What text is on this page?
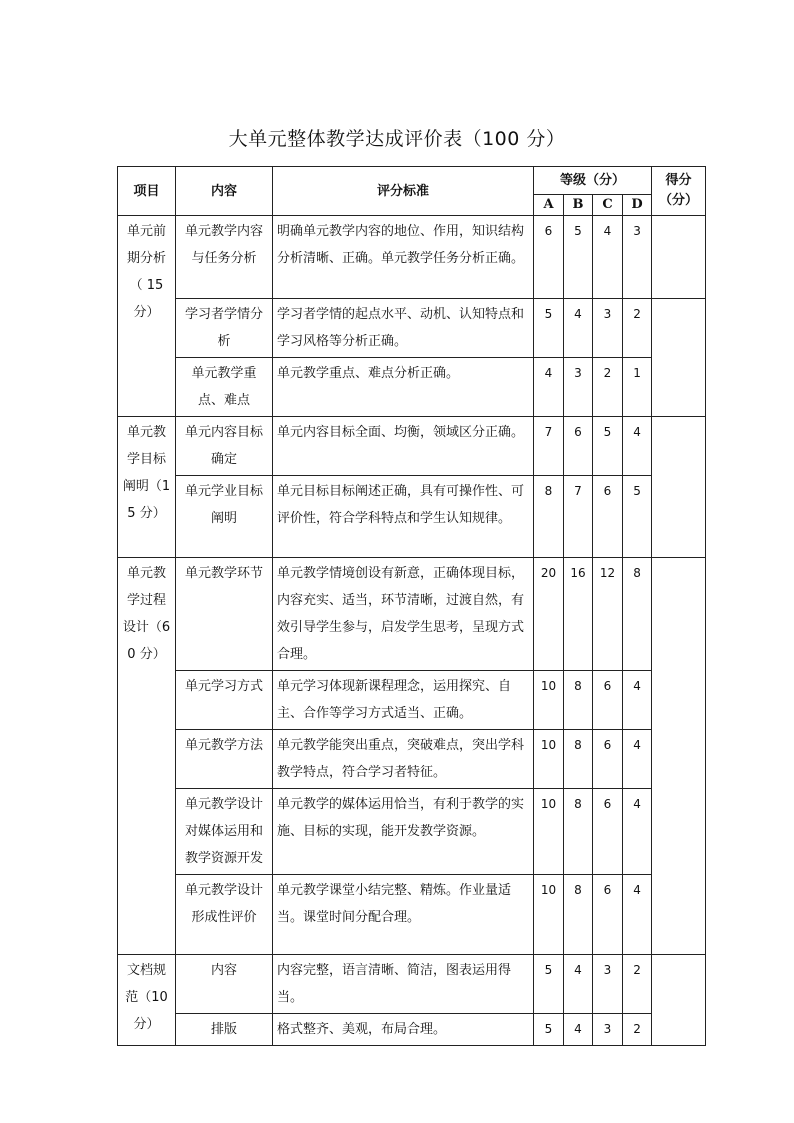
大单元整体教学达成评价表（100 分）
项目	内容	评分标准	等级（分）				得分（分）
			A	B	C	D	
单元前期分析（ 15 分）	单元教学内容与任务分析	明确单元教学内容的地位、作用，知识结构分析清晰、正确。单元教学任务分析正确。	6	5	4	3	
	学习者学情分析	学习者学情的起点水平、动机、认知特点和学习风格等分析正确。	5	4	3	2	
	单元教学重点、难点	单元教学重点、难点分析正确。	4	3	2	1	
单元教学目标阐明（15 分）	单元内容目标确定	单元内容目标全面、均衡，领域区分正确。	7	6	5	4	
	单元学业目标阐明	单元目标目标阐述正确，具有可操作性、可评价性，符合学科特点和学生认知规律。	8	7	6	5	
单元教学过程设计（60 分）	单元教学环节	单元教学情境创设有新意，正确体现目标，内容充实、适当，环节清晰，过渡自然，有效引导学生参与，启发学生思考，呈现方式合理。	20	16	12	8	
	单元学习方式	单元学习体现新课程理念，运用探究、自主、合作等学习方式适当、正确。	10	8	6	4	
	单元教学方法	单元教学能突出重点，突破难点，突出学科教学特点，符合学习者特征。	10	8	6	4	
	单元教学设计对媒体运用和教学资源开发	单元教学的媒体运用恰当，有利于教学的实施、目标的实现，能开发教学资源。	10	8	6	4	
	单元教学设计形成性评价	单元教学课堂小结完整、精炼。作业量适当。课堂时间分配合理。	10	8	6	4	
文档规范（10 分）	内容	内容完整，语言清晰、简洁，图表运用得当。	5	4	3	2	
	排版	格式整齐、美观，布局合理。	5	4	3	2	
